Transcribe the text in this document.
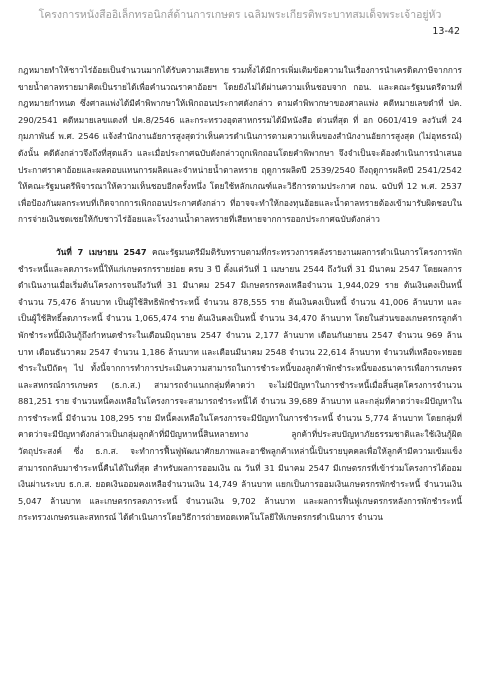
โครงการหนังสืออิเล็กทรอนิกส์ด้านการเกษตร เฉลิมพระเกียรติพระบาทสมเด็จพระเจ้าอยู่หัว
13-42

กฎหมายทำให้ชาวไร่อ้อยเป็นจำนวนมากได้รับความเสียหาย รวมทั้งได้มีการเพิ่มเติมข้อความในเรื่องการนำเครดิตภาษีจากการขายน้ำตาลทรายมาคิดเป็นรายได้เพื่อคำนวณราคาอ้อยฯ โดยยังไม่ได้ผ่านความเห็นชอบจาก กอน. และคณะรัฐมนตรีตามที่กฎหมายกำหนด ซึ่งศาลแพ่งได้มีคำพิพากษาให้เพิกถอนประกาศดังกล่าว ตามคำพิพากษาของศาลแพ่ง คดีหมายเลขดำที่ ปค. 290/2541 คดีหมายเลขแดงที่ ปค.8/2546 และกระทรวงอุตสาหกรรมได้มีหนังสือ ด่วนที่สุด ที่ อก 0601/419 ลงวันที่ 24 กุมภาพันธ์ พ.ศ. 2546 แจ้งสำนักงานอัยการสูงสุดว่าเห็นควรดำเนินการตามความเห็นของสำนักงานอัยการสูงสุด (ไม่อุทธรณ์) ดังนั้น คดีดังกล่าวจึงถึงที่สุดแล้ว และเมื่อประกาศฉบับดังกล่าวถูกเพิกถอนโดยคำพิพากษา จึงจำเป็นจะต้องดำเนินการนำเสนอประกาศราคาอ้อยและผลตอบแทนการผลิตและจำหน่ายน้ำตาลทราย ฤดูการผลิตปี 2539/2540 ถึงฤดูการผลิตปี 2541/2542 ให้คณะรัฐมนตรีพิจารณาให้ความเห็นชอบอีกครั้งหนึ่ง โดยใช้หลักเกณฑ์และวิธีการตามประกาศ กอน. ฉบับที่ 12 พ.ศ. 2537 เพื่อป้องกันผลกระทบที่เกิดจากการเพิกถอนประกาศดังกล่าว ที่อาจจะทำให้กองทุนอ้อยและน้ำตาลทรายต้องเข้ามารับผิดชอบในการจ่ายเงินชดเชยให้กับชาวไร่อ้อยและโรงงานน้ำตาลทรายที่เสียหายจากการออกประกาศฉบับดังกล่าว

วันที่ 7 เมษายน 2547 คณะรัฐมนตรีมีมติรับทราบตามที่กระทรวงการคลังรายงานผลการดำเนินการโครงการพักชำระหนี้และลดภาระหนี้ให้แก่เกษตรกรรายย่อย ครบ 3 ปี ตั้งแต่วันที่ 1 เมษายน 2544 ถึงวันที่ 31 มีนาคม 2547 โดยผลการดำเนินงานเมื่อเริ่มต้นโครงการจนถึงวันที่ 31 มีนาคม 2547 มีเกษตรกรคงเหลือจำนวน 1,944,029 ราย ต้นเงินคงเป็นหนี้ จำนวน 75,476 ล้านบาท เป็นผู้ใช้สิทธิพักชำระหนี้ จำนวน 878,555 ราย ต้นเงินคงเป็นหนี้ จำนวน 41,006 ล้านบาท และเป็นผู้ใช้สิทธิ์ลดภาระหนี้ จำนวน 1,065,474 ราย ต้นเงินคงเป็นหนี้ จำนวน 34,470 ล้านบาท โดยในส่วนของเกษตรกรลูกค้าพักชำระหนี้มีเงินกู้ถึงกำหนดชำระในเดือนมิถุนายน 2547 จำนวน 2,177 ล้านบาท เดือนกันยายน 2547 จำนวน 969 ล้านบาท เดือนธันวาคม 2547 จำนวน 1,186 ล้านบาท และเดือนมีนาคม 2548 จำนวน 22,614 ล้านบาท จำนวนที่เหลือจะทยอยชำระในปีถัดๆ ไป ทั้งนี้จากการทำการประเมินความสามารถในการชำระหนี้ของลูกค้าพักชำระหนี้ของธนาคารเพื่อการเกษตรและสหกรณ์การเกษตร (ธ.ก.ส.) สามารถจำแนกกลุ่มที่คาดว่า จะไม่มีปัญหาในการชำระหนี้เมื่อสิ้นสุดโครงการจำนวน 881,251 ราย จำนวนหนี้คงเหลือในโครงการจะสามารถชำระหนี้ได้ จำนวน 39,689 ล้านบาท และกลุ่มที่คาดว่าจะมีปัญหาในการชำระหนี้ มีจำนวน 108,295 ราย มีหนี้คงเหลือในโครงการจะมีปัญหาในการชำระหนี้ จำนวน 5,774 ล้านบาท โดยกลุ่มที่คาดว่าจะมีปัญหาดังกล่าวเป็นกลุ่มลูกค้าที่มีปัญหาหนี้สินหลายทาง ลูกค้าที่ประสบปัญหาภัยธรรมชาติและใช้เงินกู้ผิดวัตถุประสงค์ ซึ่ง ธ.ก.ส. จะทำการฟื้นฟูพัฒนาศักยภาพและอาชีพลูกค้าเหล่านี้เป็นรายบุคคลเพื่อให้ลูกค้ามีความเข้มแข็งสามารถกลับมาชำระหนี้คืนได้ในที่สุด สำหรับผลการออมเงิน ณ วันที่ 31 มีนาคม 2547 มีเกษตรกรที่เข้าร่วมโครงการได้ออมเงินผ่านระบบ ธ.ก.ส. ยอดเงินออมคงเหลือจำนวนเงิน 14,749 ล้านบาท แยกเป็นการออมเงินเกษตรกรพักชำระหนี้ จำนวนเงิน 5,047 ล้านบาท และเกษตรกรลดภาระหนี้ จำนวนเงิน 9,702 ล้านบาท และผลการฟื้นฟูเกษตรกรหลังการพักชำระหนี้ กระทรวงเกษตรและสหกรณ์ ได้ดำเนินการโดยวิธีการถ่ายทอดเทคโนโลยีให้เกษตรกรดำเนินการ จำนวน
